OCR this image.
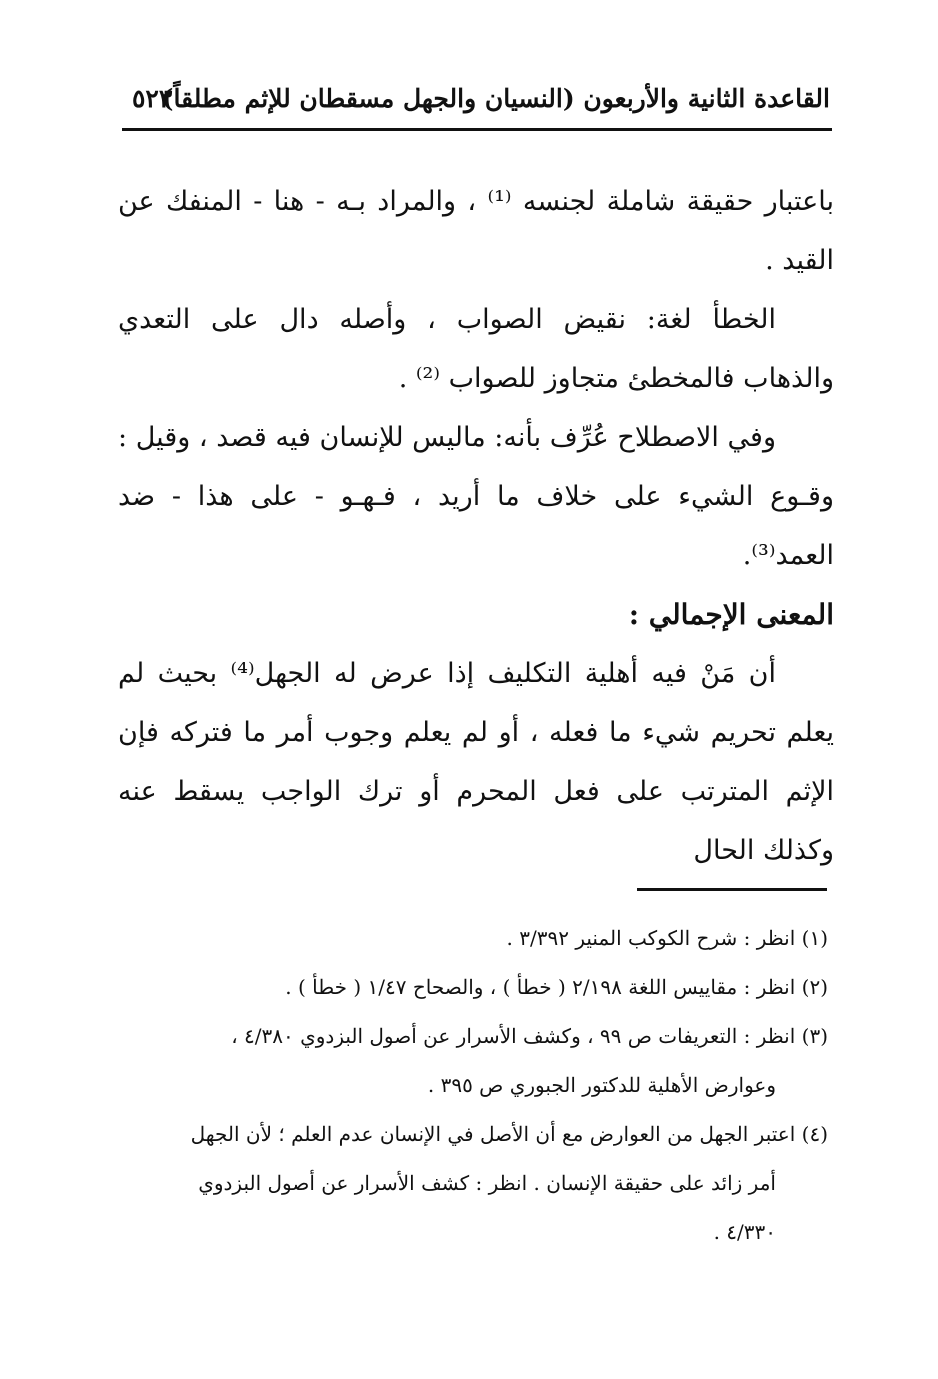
القاعدة الثانية والأربعون (النسيان والجهل مسقطان للإثم مطلقاً)
٥٢٣

باعتبار حقيقة شاملة لجنسه ⁽¹⁾ ، والمراد بـه - هنا - المنفك عن القيد .

الخطأ لغة: نقيض الصواب ، وأصله دال على التعدي والذهاب فالمخطئ متجاوز للصواب ⁽²⁾ .

وفي الاصطلاح عُرِّف بأنه: ماليس للإنسان فيه قصد ، وقيل : وقـوع الشيء على خلاف ما أريد ، فـهـو - على هذا - ضد العمد⁽³⁾.

المعنى الإجمالي :

أن مَنْ فيه أهلية التكليف إذا عرض له الجهل⁽⁴⁾ بحيث لم يعلم تحريم شيء ما فعله ، أو لم يعلم وجوب أمر ما فتركه فإن الإثم المترتب على فعل المحرم أو ترك الواجب يسقط عنه وكذلك الحال

(١) انظر : شرح الكوكب المنير ٣/٣٩٢ .

(٢) انظر : مقاييس اللغة ٢/١٩٨ ( خطأ ) ، والصحاح ١/٤٧ ( خطأ ) .

(٣) انظر : التعريفات ص ٩٩ ، وكشف الأسرار عن أصول البزدوي ٤/٣٨٠ ،

وعوارض الأهلية للدكتور الجبوري ص ٣٩٥ .

(٤) اعتبر الجهل من العوارض مع أن الأصل في الإنسان عدم العلم ؛ لأن الجهل

أمر زائد على حقيقة الإنسان . انظر : كشف الأسرار عن أصول البزدوي

٤/٣٣٠ .
